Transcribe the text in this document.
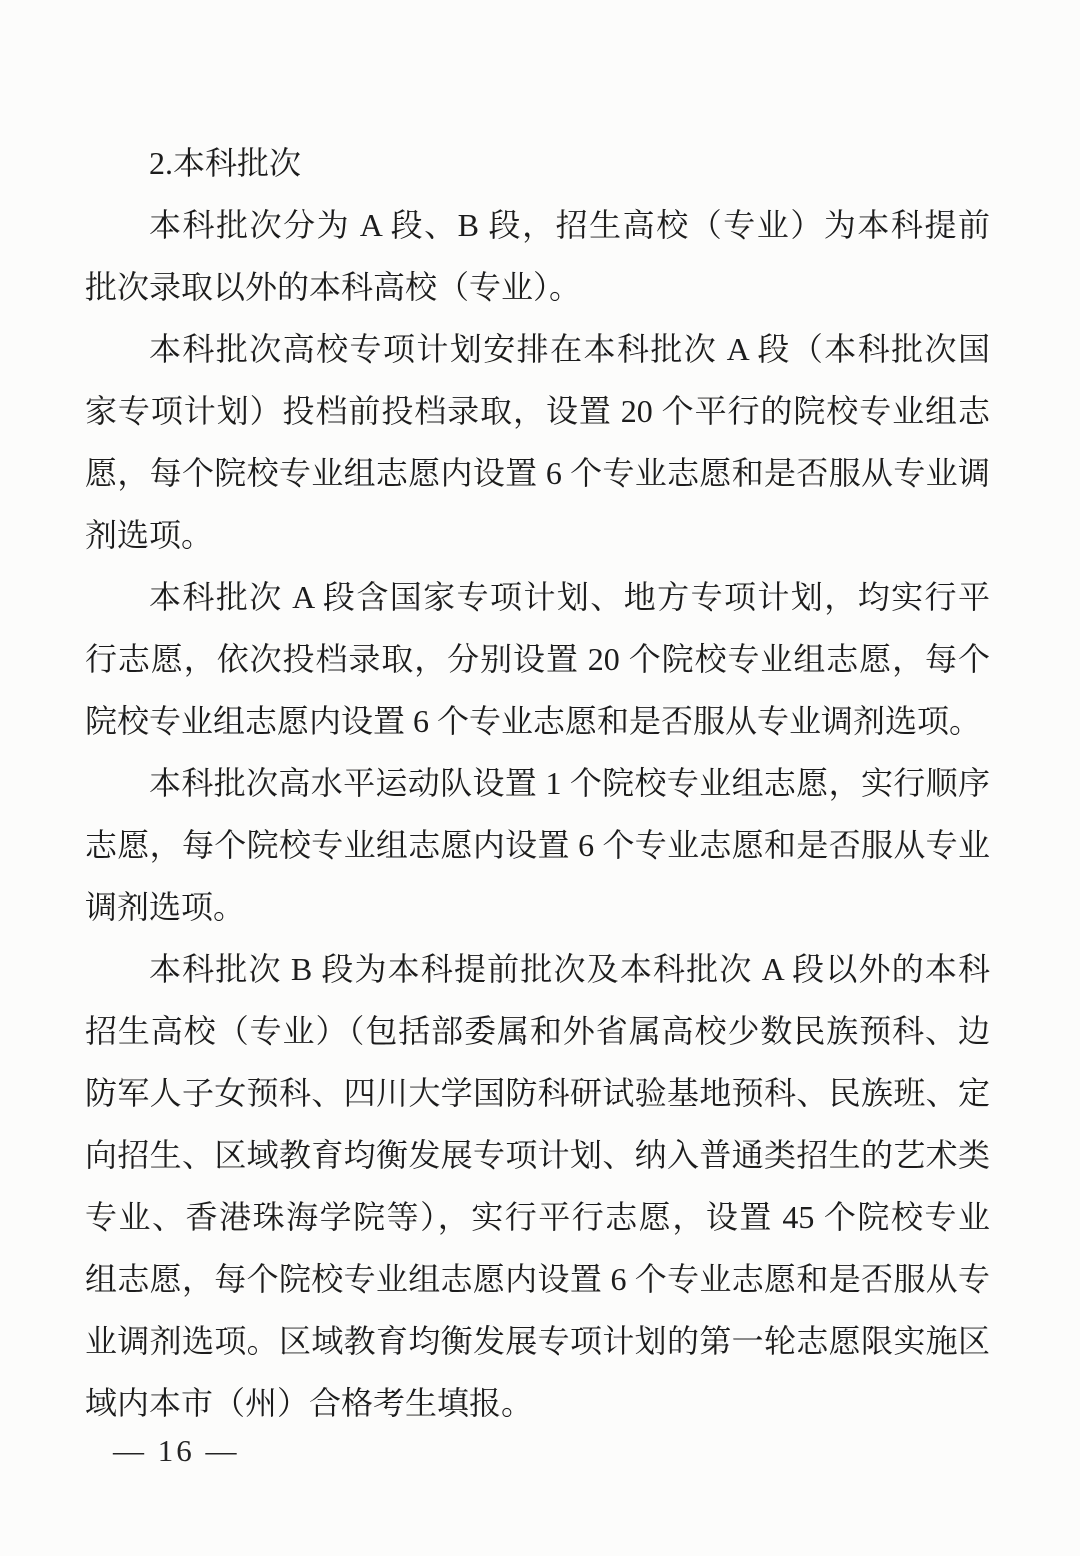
2.本科批次
本科批次分为 A 段、B 段，招生高校（专业）为本科提前
批次录取以外的本科高校（专业）。
本科批次高校专项计划安排在本科批次 A 段（本科批次国
家专项计划）投档前投档录取，设置 20 个平行的院校专业组志
愿，每个院校专业组志愿内设置 6 个专业志愿和是否服从专业调
剂选项。
本科批次 A 段含国家专项计划、地方专项计划，均实行平
行志愿，依次投档录取，分别设置 20 个院校专业组志愿，每个
院校专业组志愿内设置 6 个专业志愿和是否服从专业调剂选项。
本科批次高水平运动队设置 1 个院校专业组志愿，实行顺序
志愿，每个院校专业组志愿内设置 6 个专业志愿和是否服从专业
调剂选项。
本科批次 B 段为本科提前批次及本科批次 A 段以外的本科
招生高校（专业）（包括部委属和外省属高校少数民族预科、边
防军人子女预科、四川大学国防科研试验基地预科、民族班、定
向招生、区域教育均衡发展专项计划、纳入普通类招生的艺术类
专业、香港珠海学院等），实行平行志愿，设置 45 个院校专业
组志愿，每个院校专业组志愿内设置 6 个专业志愿和是否服从专
业调剂选项。区域教育均衡发展专项计划的第一轮志愿限实施区
域内本市（州）合格考生填报。
— 16 —
